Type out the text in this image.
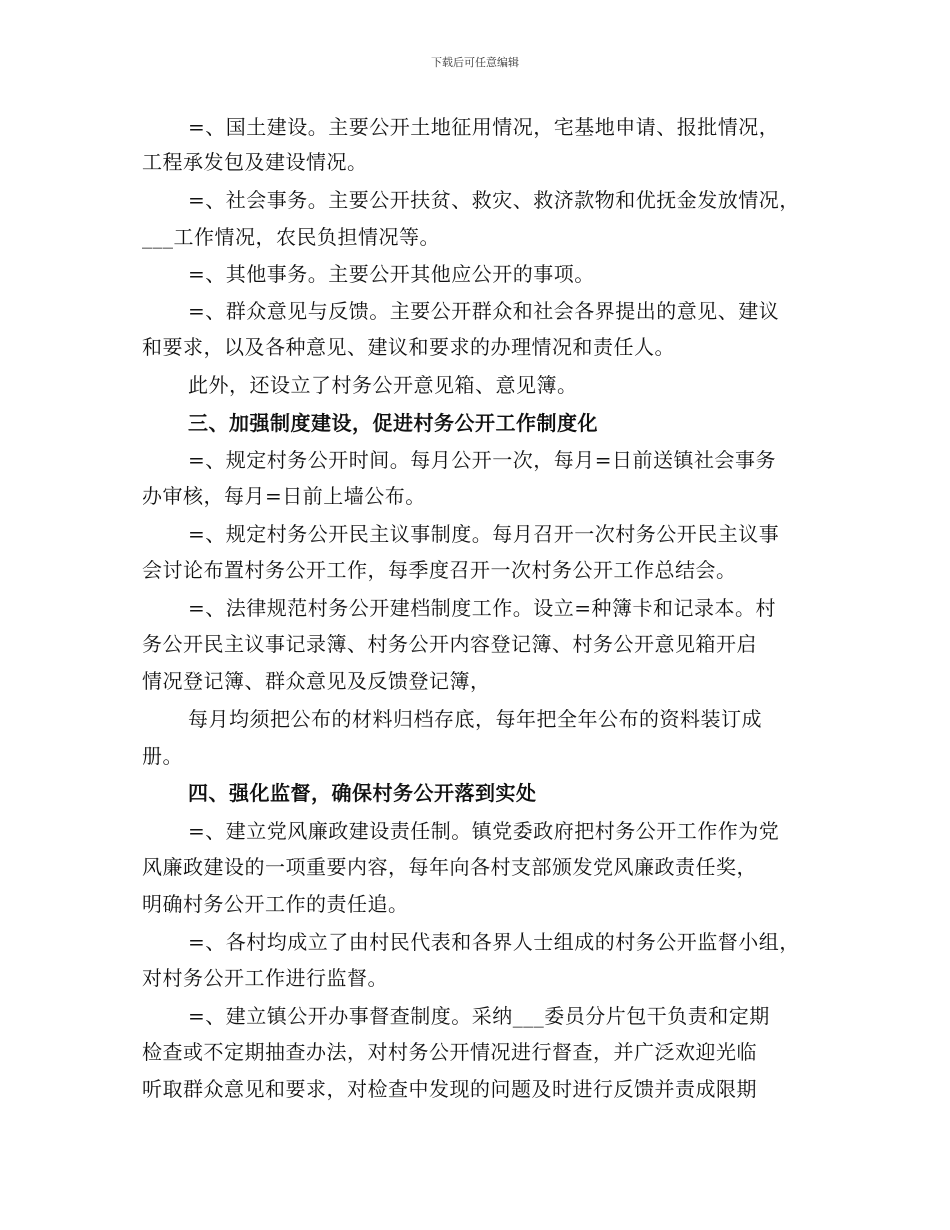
下载后可任意编辑
=、国土建设。主要公开土地征用情况，宅基地申请、报批情况，
工程承发包及建设情况。
=、社会事务。主要公开扶贫、救灾、救济款物和优抚金发放情况，
___工作情况，农民负担情况等。
=、其他事务。主要公开其他应公开的事项。
=、群众意见与反馈。主要公开群众和社会各界提出的意见、建议
和要求，以及各种意见、建议和要求的办理情况和责任人。
此外，还设立了村务公开意见箱、意见簿。
三、加强制度建设，促进村务公开工作制度化
=、规定村务公开时间。每月公开一次，每月=日前送镇社会事务
办审核，每月=日前上墙公布。
=、规定村务公开民主议事制度。每月召开一次村务公开民主议事
会讨论布置村务公开工作，每季度召开一次村务公开工作总结会。
=、法律规范村务公开建档制度工作。设立=种簿卡和记录本。村
务公开民主议事记录簿、村务公开内容登记簿、村务公开意见箱开启
情况登记簿、群众意见及反馈登记簿，
每月均须把公布的材料归档存底，每年把全年公布的资料装订成
册。
四、强化监督，确保村务公开落到实处
=、建立党风廉政建设责任制。镇党委政府把村务公开工作作为党
风廉政建设的一项重要内容，每年向各村支部颁发党风廉政责任奖，
明确村务公开工作的责任追。
=、各村均成立了由村民代表和各界人士组成的村务公开监督小组，
对村务公开工作进行监督。
=、建立镇公开办事督查制度。采纳___委员分片包干负责和定期
检查或不定期抽查办法，对村务公开情况进行督查，并广泛欢迎光临
听取群众意见和要求，对检查中发现的问题及时进行反馈并责成限期
